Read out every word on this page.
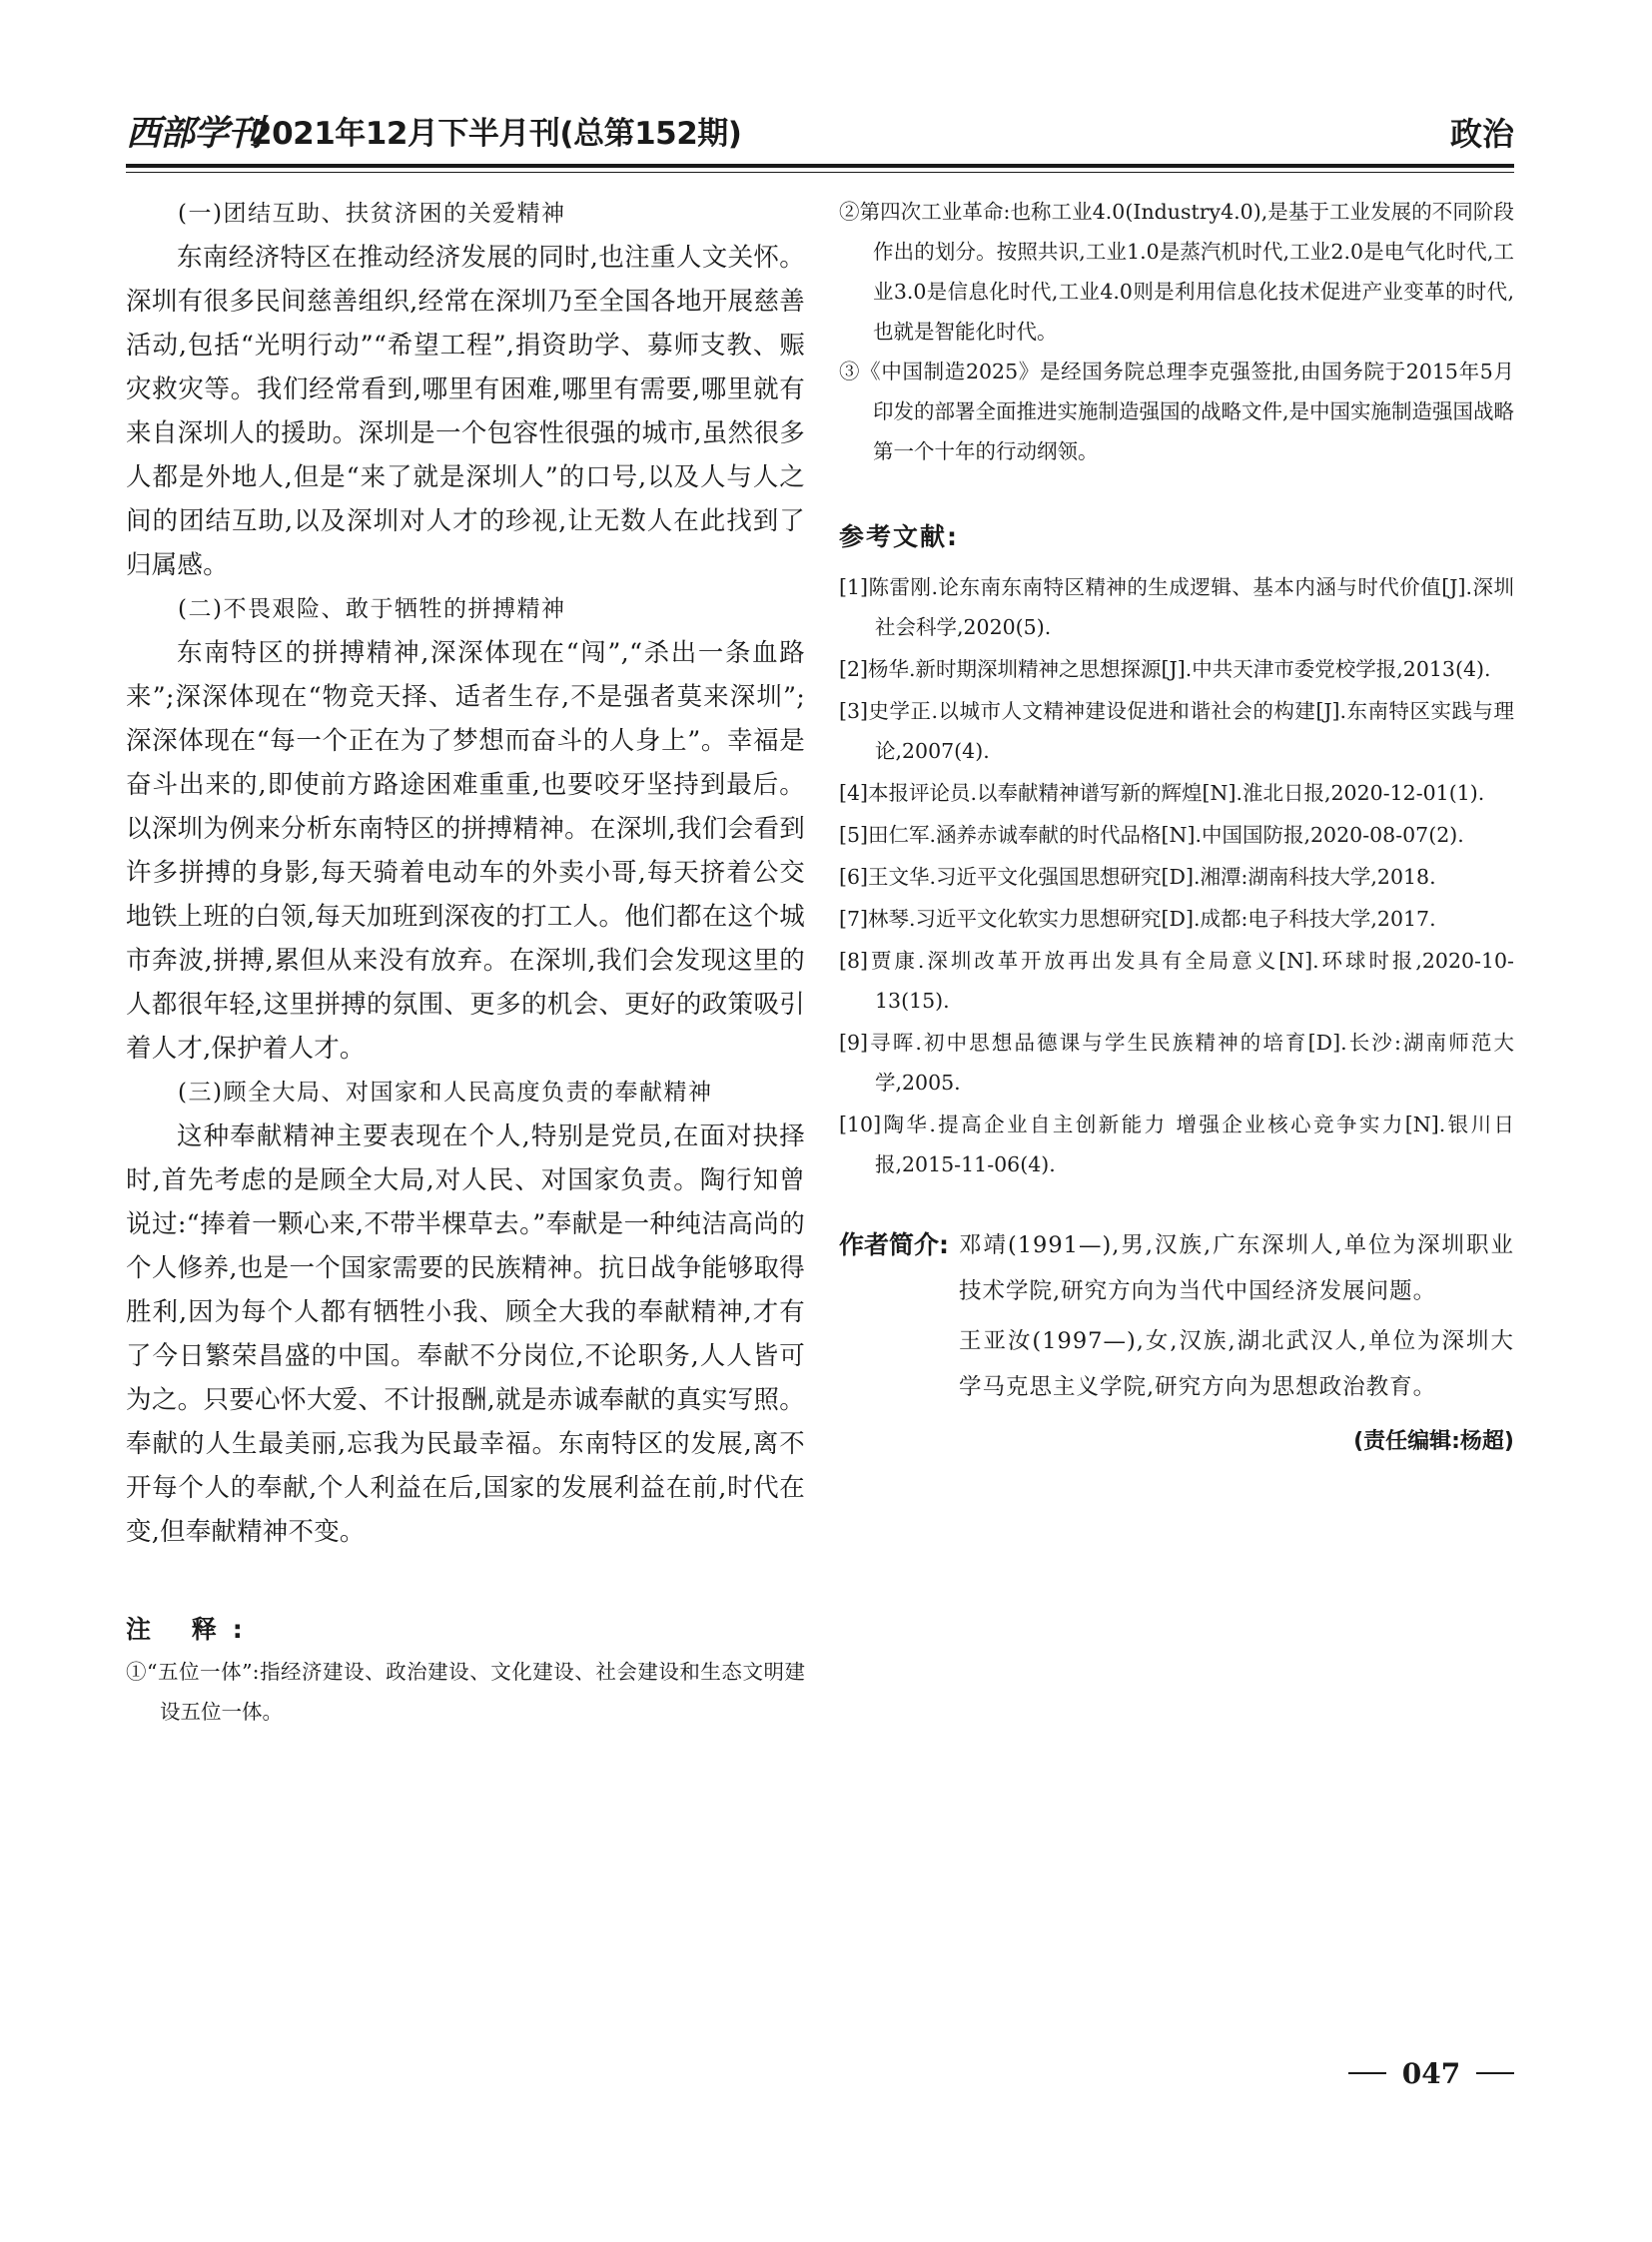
西部学刊
2021年12月下半月刊(总第152期)	政治

(一)团结互助、扶贫济困的关爱精神

东南经济特区在推动经济发展的同时,也注重人文关怀。深圳有很多民间慈善组织,经常在深圳乃至全国各地开展慈善活动,包括“光明行动”“希望工程”,捐资助学、募师支教、赈灾救灾等。我们经常看到,哪里有困难,哪里有需要,哪里就有来自深圳人的援助。深圳是一个包容性很强的城市,虽然很多人都是外地人,但是“来了就是深圳人”的口号,以及人与人之间的团结互助,以及深圳对人才的珍视,让无数人在此找到了归属感。

(二)不畏艰险、敢于牺牲的拼搏精神

东南特区的拼搏精神,深深体现在“闯”,“杀出一条血路来”;深深体现在“物竞天择、适者生存,不是强者莫来深圳”;深深体现在“每一个正在为了梦想而奋斗的人身上”。幸福是奋斗出来的,即使前方路途困难重重,也要咬牙坚持到最后。以深圳为例来分析东南特区的拼搏精神。在深圳,我们会看到许多拼搏的身影,每天骑着电动车的外卖小哥,每天挤着公交地铁上班的白领,每天加班到深夜的打工人。他们都在这个城市奔波,拼搏,累但从来没有放弃。在深圳,我们会发现这里的人都很年轻,这里拼搏的氛围、更多的机会、更好的政策吸引着人才,保护着人才。

(三)顾全大局、对国家和人民高度负责的奉献精神

这种奉献精神主要表现在个人,特别是党员,在面对抉择时,首先考虑的是顾全大局,对人民、对国家负责。陶行知曾说过:“捧着一颗心来,不带半棵草去。”奉献是一种纯洁高尚的个人修养,也是一个国家需要的民族精神。抗日战争能够取得胜利,因为每个人都有牺牲小我、顾全大我的奉献精神,才有了今日繁荣昌盛的中国。奉献不分岗位,不论职务,人人皆可为之。只要心怀大爱、不计报酬,就是赤诚奉献的真实写照。奉献的人生最美丽,忘我为民最幸福。东南特区的发展,离不开每个人的奉献,个人利益在后,国家的发展利益在前,时代在变,但奉献精神不变。

注 释:

①“五位一体”:指经济建设、政治建设、文化建设、社会建设和生态文明建设五位一体。

②第四次工业革命:也称工业4.0(Industry4.0),是基于工业发展的不同阶段作出的划分。按照共识,工业1.0是蒸汽机时代,工业2.0是电气化时代,工业3.0是信息化时代,工业4.0则是利用信息化技术促进产业变革的时代,也就是智能化时代。

③《中国制造2025》是经国务院总理李克强签批,由国务院于2015年5月印发的部署全面推进实施制造强国的战略文件,是中国实施制造强国战略第一个十年的行动纲领。

参考文献:

[1]陈雷刚.论东南东南特区精神的生成逻辑、基本内涵与时代价值[J].深圳社会科学,2020(5).

[2]杨华.新时期深圳精神之思想探源[J].中共天津市委党校学报,2013(4).

[3]史学正.以城市人文精神建设促进和谐社会的构建[J].东南特区实践与理论,2007(4).

[4]本报评论员.以奉献精神谱写新的辉煌[N].淮北日报,2020-12-01(1).

[5]田仁军.涵养赤诚奉献的时代品格[N].中国国防报,2020-08-07(2).

[6]王文华.习近平文化强国思想研究[D].湘潭:湖南科技大学,2018.

[7]林琴.习近平文化软实力思想研究[D].成都:电子科技大学,2017.

[8]贾康.深圳改革开放再出发具有全局意义[N].环球时报,2020-10-13(15).

[9]寻晖.初中思想品德课与学生民族精神的培育[D].长沙:湖南师范大学,2005.

[10]陶华.提高企业自主创新能力 增强企业核心竞争实力[N].银川日报,2015-11-06(4).

作者简介: 邓靖(1991—),男,汉族,广东深圳人,单位为深圳职业技术学院,研究方向为当代中国经济发展问题。

王亚汝(1997—),女,汉族,湖北武汉人,单位为深圳大学马克思主义学院,研究方向为思想政治教育。

(责任编辑:杨超)
047
